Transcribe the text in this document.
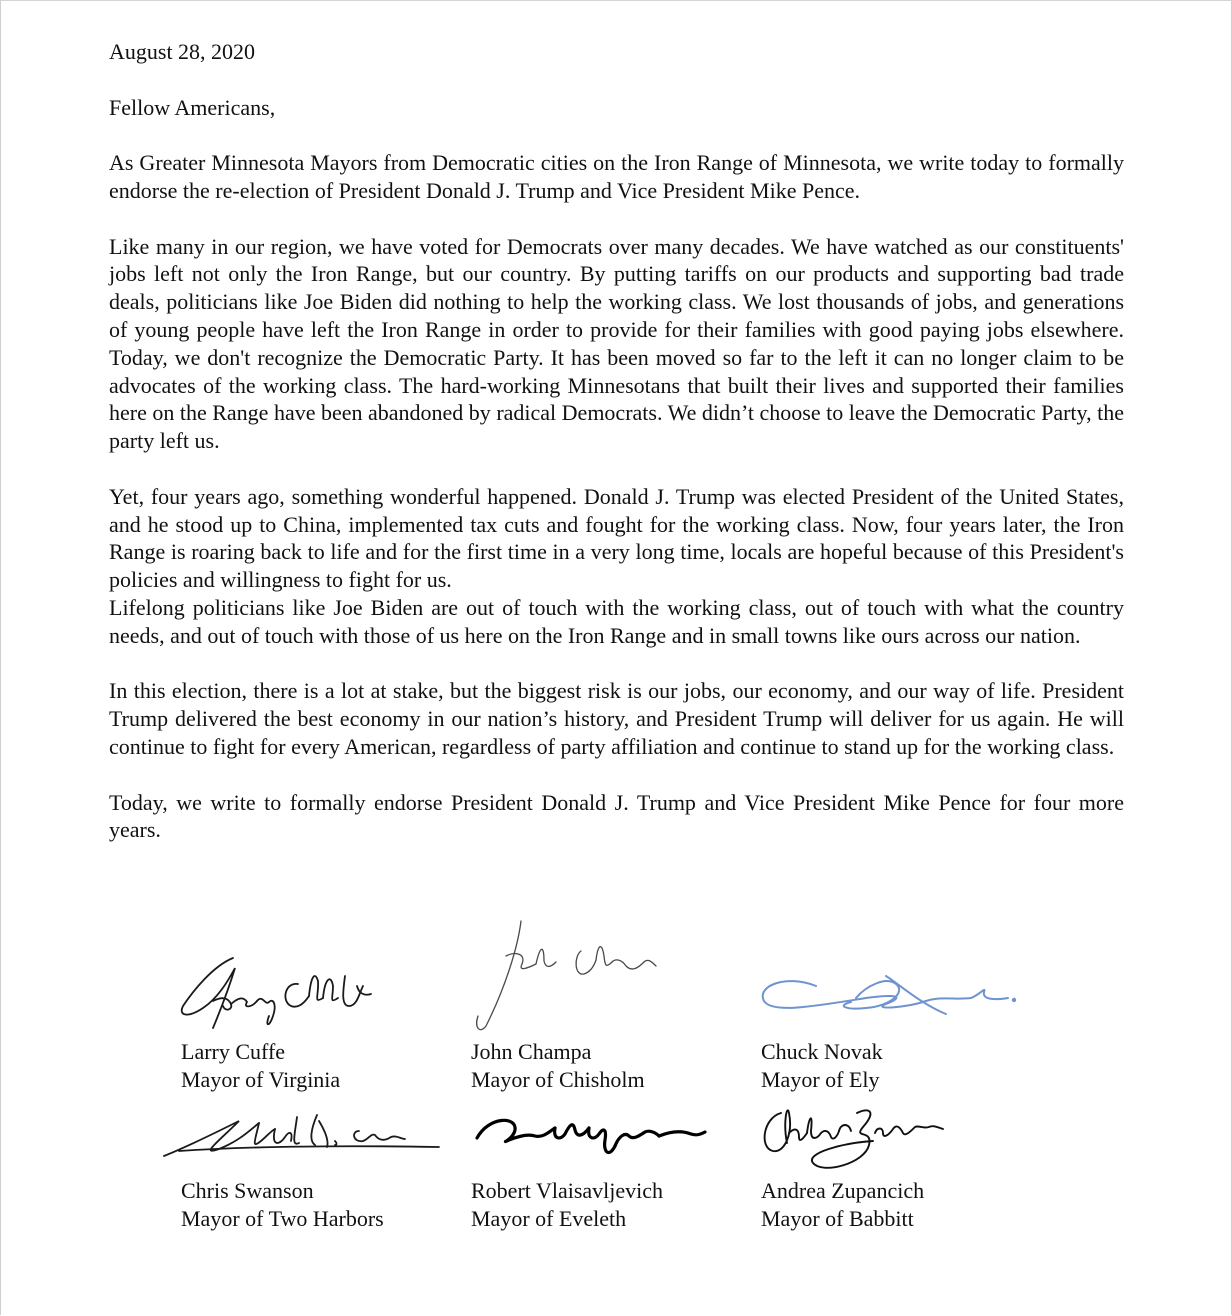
August 28, 2020
Fellow Americans,

As Greater Minnesota Mayors from Democratic cities on the Iron Range of Minnesota, we write today to formally endorse the re-election of President Donald J. Trump and Vice President Mike Pence.

Like many in our region, we have voted for Democrats over many decades. We have watched as our constituents' jobs left not only the Iron Range, but our country. By putting tariffs on our products and supporting bad trade deals, politicians like Joe Biden did nothing to help the working class. We lost thousands of jobs, and generations of young people have left the Iron Range in order to provide for their families with good paying jobs elsewhere. Today, we don't recognize the Democratic Party. It has been moved so far to the left it can no longer claim to be advocates of the working class. The hard-working Minnesotans that built their lives and supported their families here on the Range have been abandoned by radical Democrats. We didn’t choose to leave the Democratic Party, the party left us.

Yet, four years ago, something wonderful happened. Donald J. Trump was elected President of the United States, and he stood up to China, implemented tax cuts and fought for the working class. Now, four years later, the Iron Range is roaring back to life and for the first time in a very long time, locals are hopeful because of this President's policies and willingness to fight for us.

Lifelong politicians like Joe Biden are out of touch with the working class, out of touch with what the country needs, and out of touch with those of us here on the Iron Range and in small towns like ours across our nation.

In this election, there is a lot at stake, but the biggest risk is our jobs, our economy, and our way of life. President Trump delivered the best economy in our nation’s history, and President Trump will deliver for us again. He will continue to fight for every American, regardless of party affiliation and continue to stand up for the working class.

Today, we write to formally endorse President Donald J. Trump and Vice President Mike Pence for four more years.

Larry Cuffe
Mayor of Virginia
John Champa
Mayor of Chisholm
Chuck Novak
Mayor of Ely
Chris Swanson
Mayor of Two Harbors
Robert Vlaisavljevich
Mayor of Eveleth
Andrea Zupancich
Mayor of Babbitt
